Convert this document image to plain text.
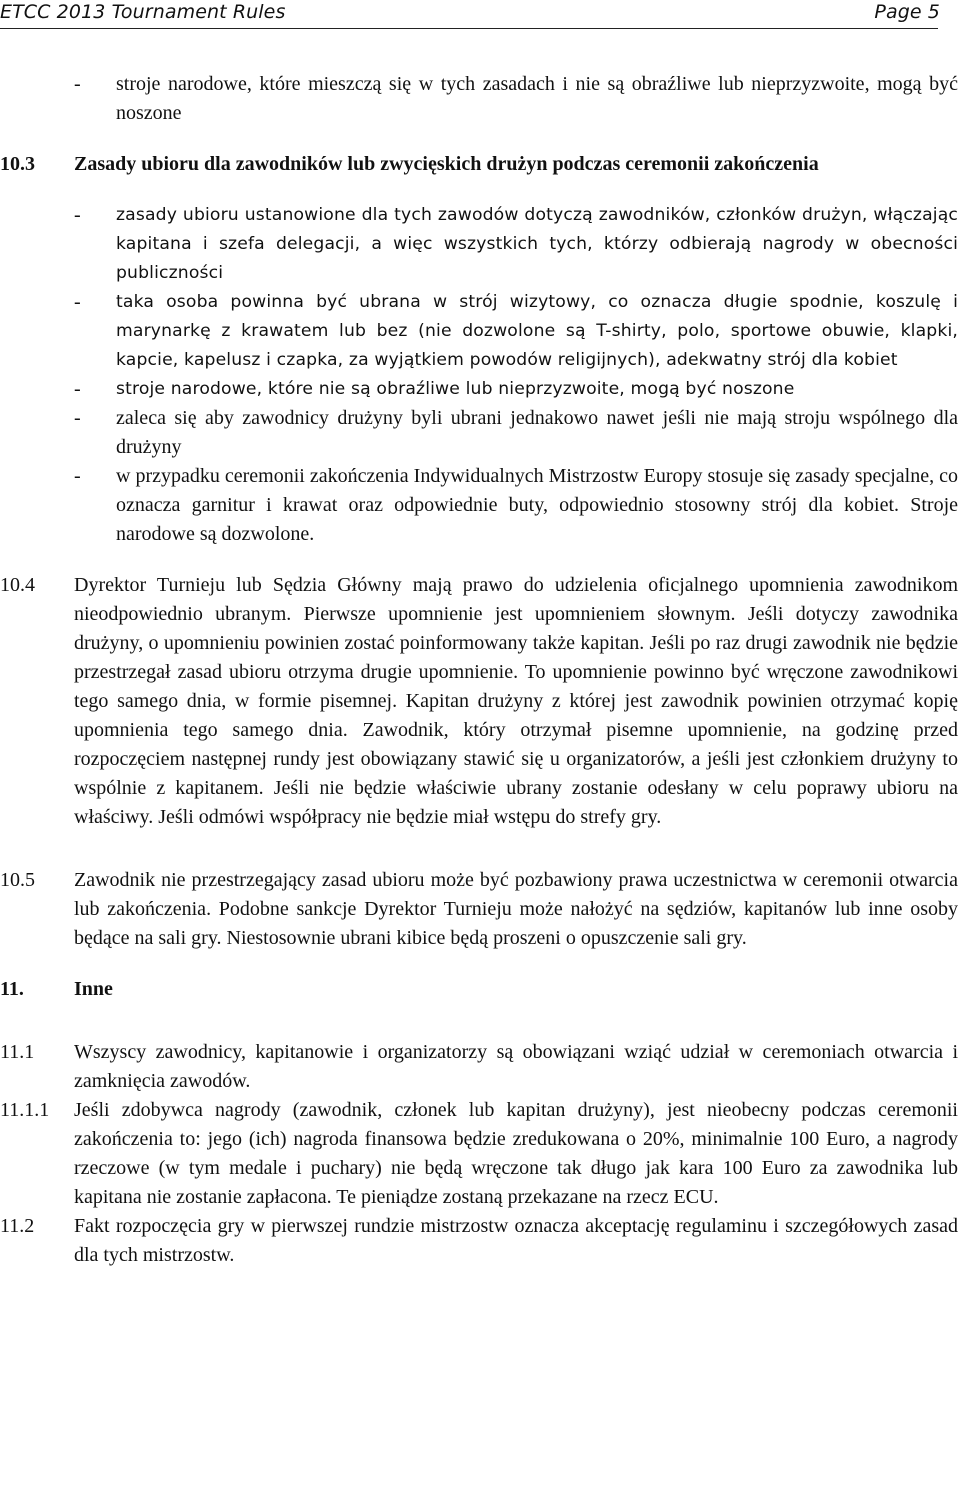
ETCC 2013 Tournament Rules	Page 5
- stroje narodowe, które mieszczą się w tych zasadach i nie są obraźliwe lub nieprzyzwoite, mogą być noszone
10.3 Zasady ubioru dla zawodników lub zwycięskich drużyn podczas ceremonii zakończenia
- zasady ubioru ustanowione dla tych zawodów dotyczą zawodników, członków drużyn, włączając kapitana i szefa delegacji, a więc wszystkich tych, którzy odbierają nagrody w obecności publiczności
- taka osoba powinna być ubrana w strój wizytowy, co oznacza długie spodnie, koszulę i marynarkę z krawatem lub bez (nie dozwolone są T-shirty, polo, sportowe obuwie, klapki, kapcie, kapelusz i czapka, za wyjątkiem powodów religijnych), adekwatny strój dla kobiet
- stroje narodowe, które nie są obraźliwe lub nieprzyzwoite, mogą być noszone
- zaleca się aby zawodnicy drużyny byli ubrani jednakowo nawet jeśli nie mają stroju wspólnego dla drużyny
- w przypadku ceremonii zakończenia Indywidualnych Mistrzostw Europy stosuje się zasady specjalne, co oznacza garnitur i krawat oraz odpowiednie buty, odpowiednio stosowny strój dla kobiet. Stroje narodowe są dozwolone.
10.4 Dyrektor Turnieju lub Sędzia Główny mają prawo do udzielenia oficjalnego upomnienia zawodnikom nieodpowiednio ubranym. Pierwsze upomnienie jest upomnieniem słownym. Jeśli dotyczy zawodnika drużyny, o upomnieniu powinien zostać poinformowany także kapitan. Jeśli po raz drugi zawodnik nie będzie przestrzegał zasad ubioru otrzyma drugie upomnienie. To upomnienie powinno być wręczone zawodnikowi tego samego dnia, w formie pisemnej. Kapitan drużyny z której jest zawodnik powinien otrzymać kopię upomnienia tego samego dnia. Zawodnik, który otrzymał pisemne upomnienie, na godzinę przed rozpoczęciem następnej rundy jest obowiązany stawić się u organizatorów, a jeśli jest członkiem drużyny to wspólnie z kapitanem. Jeśli nie będzie właściwie ubrany zostanie odesłany w celu poprawy ubioru na właściwy. Jeśli odmówi współpracy nie będzie miał wstępu do strefy gry.
10.5 Zawodnik nie przestrzegający zasad ubioru może być pozbawiony prawa uczestnictwa w ceremonii otwarcia lub zakończenia. Podobne sankcje Dyrektor Turnieju może nałożyć na sędziów, kapitanów lub inne osoby będące na sali gry. Niestosownie ubrani kibice będą proszeni o opuszczenie sali gry.
11.	Inne
11.1 Wszyscy zawodnicy, kapitanowie i organizatorzy są obowiązani wziąć udział w ceremoniach otwarcia i zamknięcia zawodów.
11.1.1 Jeśli zdobywca nagrody (zawodnik, członek lub kapitan drużyny), jest nieobecny podczas ceremonii zakończenia to: jego (ich) nagroda finansowa będzie zredukowana o 20%, minimalnie 100 Euro, a nagrody rzeczowe (w tym medale i puchary) nie będą wręczone tak długo jak kara 100 Euro za zawodnika lub kapitana nie zostanie zapłacona. Te pieniądze zostaną przekazane na rzecz ECU.
11.2 Fakt rozpoczęcia gry w pierwszej rundzie mistrzostw oznacza akceptację regulaminu i szczegółowych zasad dla tych mistrzostw.
